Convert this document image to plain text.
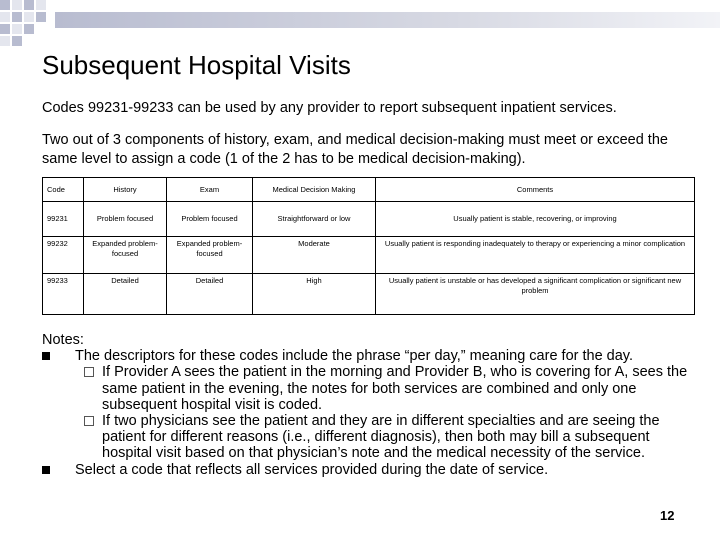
Subsequent Hospital Visits
Codes 99231-99233 can be used by any provider to report subsequent inpatient services.
Two out of 3 components of history, exam, and medical decision-making must meet or exceed the same level to assign a code (1 of the 2 has to be medical decision-making).
Code	History	Exam	Medical Decision Making	Comments
99231	Problem focused	Problem focused	Straightforward or low	Usually patient is stable, recovering, or improving
99232	Expanded problem-focused	Expanded problem-focused	Moderate	Usually patient is responding inadequately to therapy or experiencing a minor complication
99233	Detailed	Detailed	High	Usually patient is unstable or has developed a significant complication or significant new problem

Notes:

The descriptors for these codes include the phrase “per day,” meaning care for the day.

If Provider A sees the patient in the morning and Provider B, who is covering for A, sees the same patient in the evening, the notes for both services are combined and only one subsequent hospital visit is coded.

If two physicians see the patient and they are in different specialties and are seeing the patient for different reasons (i.e., different diagnosis), then both may bill a subsequent hospital visit based on that physician’s note and the medical necessity of the service.

Select a code that reflects all services provided during the date of service.

12
